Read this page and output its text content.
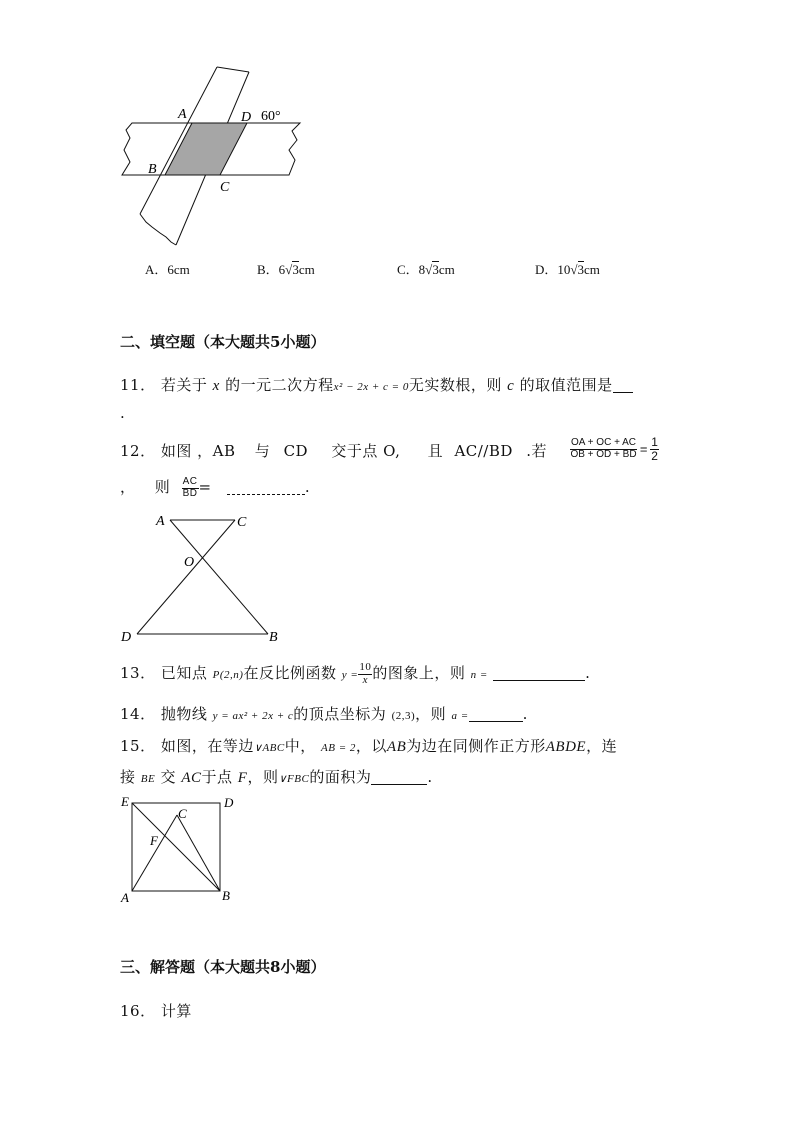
A	D
B
C
60°
A．6cm	B．6√3cm	C．8√3cm	D．10√3cm
二、填空题（本大题共5小题）
11． 若关于 x 的一元二次方程x² − 2x + c = 0无实数根，则 c 的取值范围是
.
12． 如图 ，AB 与 CD 交于点 O, 且 AC//BD .若 $\frac{OA + OC + AC}{OB + OD + BD} = \frac{1}{2}$
， 则 $\frac{AC}{BD}$ =	.
A	C
O
D	B
13． 已知点 P(2,n)在反比例函数 $y = \frac{10}{x}$ 的图象上，则 n =	.
14． 抛物线 y = ax² + 2x + c的顶点坐标为 (2,3)，则 a =	.
15． 如图，在等边∨ABC中， AB = 2，以AB为边在同侧作正方形ABDE，连
接 BE 交 AC于点 F，则∨FBC的面积为	.
E	D
C
F
A	B
三、解答题（本大题共8小题）
16． 计算
